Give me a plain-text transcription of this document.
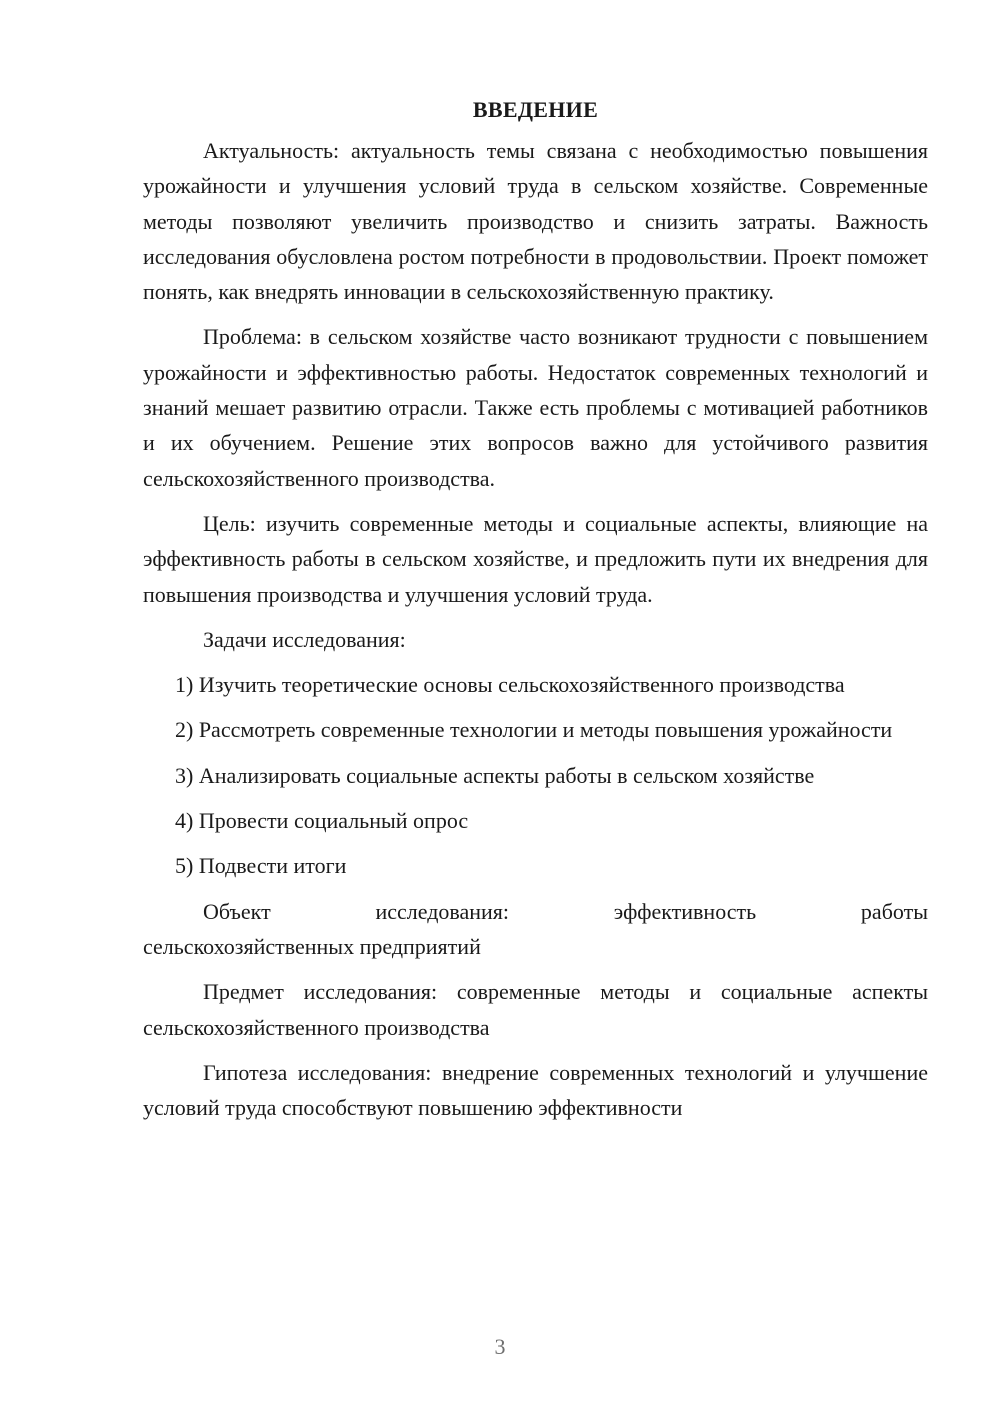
ВВЕДЕНИЕ

Актуальность: актуальность темы связана с необходимостью повышения урожайности и улучшения условий труда в сельском хозяйстве. Современные методы позволяют увеличить производство и снизить затраты. Важность исследования обусловлена ростом потребности в продовольствии. Проект поможет понять, как внедрять инновации в сельскохозяйственную практику.

Проблема: в сельском хозяйстве часто возникают трудности с повышением урожайности и эффективностью работы. Недостаток современных технологий и знаний мешает развитию отрасли. Также есть проблемы с мотивацией работников и их обучением. Решение этих вопросов важно для устойчивого развития сельскохозяйственного производства.

Цель: изучить современные методы и социальные аспекты, влияющие на эффективность работы в сельском хозяйстве, и предложить пути их внедрения для повышения производства и улучшения условий труда.

Задачи исследования:

1) Изучить теоретические основы сельскохозяйственного производства

2) Рассмотреть современные технологии и методы повышения урожайности

3) Анализировать социальные аспекты работы в сельском хозяйстве

4) Провести социальный опрос

5) Подвести итоги

Объект исследования: эффективность работы

сельскохозяйственных предприятий

Предмет исследования: современные методы и социальные аспекты сельскохозяйственного производства

Гипотеза исследования: внедрение современных технологий и улучшение условий труда способствуют повышению эффективности

3
